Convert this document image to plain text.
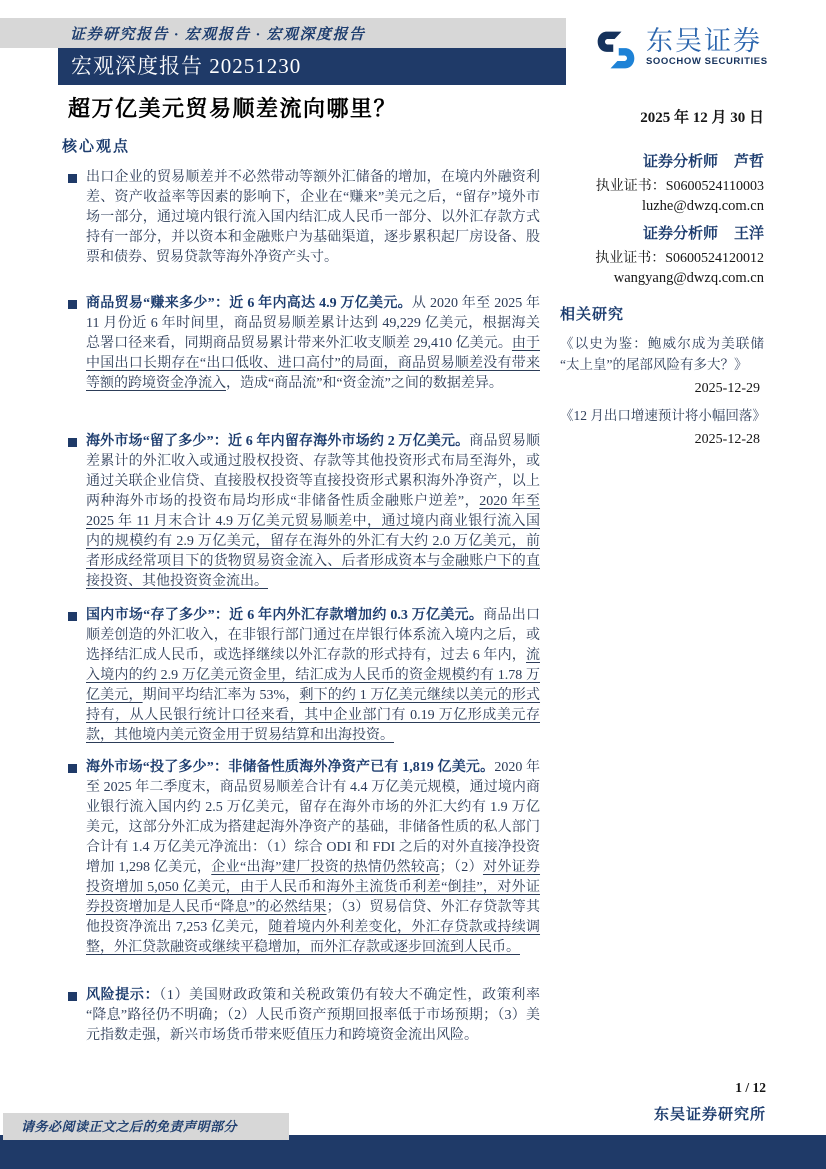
证券研究报告 · 宏观报告 · 宏观深度报告
宏观深度报告 20251230
东吴证券
SOOCHOW SECURITIES
超万亿美元贸易顺差流向哪里？	2025 年 12 月 30 日
核心观点

出口企业的贸易顺差并不必然带动等额外汇储备的增加，在境内外融资利差、资产收益率等因素的影响下，企业在“赚来”美元之后，“留存”境外市场一部分，通过境内银行流入国内结汇成人民币一部分、以外汇存款方式持有一部分，并以资本和金融账户为基础渠道，逐步累积起厂房设备、股票和债券、贸易贷款等海外净资产头寸。

商品贸易“赚来多少”：近 6 年内高达 4.9 万亿美元。从 2020 年至 2025 年 11 月份近 6 年时间里，商品贸易顺差累计达到 49,229 亿美元，根据海关总署口径来看，同期商品贸易累计带来外汇收支顺差 29,410 亿美元。由于中国出口长期存在“出口低收、进口高付”的局面，商品贸易顺差没有带来等额的跨境资金净流入，造成“商品流”和“资金流”之间的数据差异。

海外市场“留了多少”：近 6 年内留存海外市场约 2 万亿美元。商品贸易顺差累计的外汇收入或通过股权投资、存款等其他投资形式布局至海外，或通过关联企业信贷、直接股权投资等直接投资形式累积海外净资产，以上两种海外市场的投资布局均形成“非储备性质金融账户逆差”，2020 年至 2025 年 11 月末合计 4.9 万亿美元贸易顺差中，通过境内商业银行流入国内的规模约有 2.9 万亿美元，留存在海外的外汇有大约 2.0 万亿美元，前者形成经常项目下的货物贸易资金流入、后者形成资本与金融账户下的直接投资、其他投资资金流出。

国内市场“存了多少”：近 6 年内外汇存款增加约 0.3 万亿美元。商品出口顺差创造的外汇收入，在非银行部门通过在岸银行体系流入境内之后，或选择结汇成人民币，或选择继续以外汇存款的形式持有，过去 6 年内，流入境内的约 2.9 万亿美元资金里，结汇成为人民币的资金规模约有 1.78 万亿美元，期间平均结汇率为 53%，剩下的约 1 万亿美元继续以美元的形式持有，从人民银行统计口径来看，其中企业部门有 0.19 万亿形成美元存款，其他境内美元资金用于贸易结算和出海投资。

海外市场“投了多少”：非储备性质海外净资产已有 1,819 亿美元。2020 年至 2025 年二季度末，商品贸易顺差合计有 4.4 万亿美元规模，通过境内商业银行流入国内约 2.5 万亿美元，留存在海外市场的外汇大约有 1.9 万亿美元，这部分外汇成为搭建起海外净资产的基础，非储备性质的私人部门合计有 1.4 万亿美元净流出：（1）综合 ODI 和 FDI 之后的对外直接净投资增加 1,298 亿美元，企业“出海”建厂投资的热情仍然较高；（2）对外证券投资增加 5,050 亿美元，由于人民币和海外主流货币利差“倒挂”，对外证券投资增加是人民币“降息”的必然结果；（3）贸易信贷、外汇存贷款等其他投资净流出 7,253 亿美元，随着境内外利差变化，外汇存贷款或持续调整，外汇贷款融资或继续平稳增加，而外汇存款或逐步回流到人民币。

风险提示：（1）美国财政政策和关税政策仍有较大不确定性，政策利率“降息”路径仍不明确；（2）人民币资产预期回报率低于市场预期；（3）美元指数走强，新兴市场货币带来贬值压力和跨境资金流出风险。

证券分析师 芦哲

执业证书：S0600524110003

luzhe@dwzq.com.cn

证券分析师 王洋

执业证书：S0600524120012

wangyang@dwzq.com.cn

相关研究

《以史为鉴：鲍威尔成为美联储“太上皇”的尾部风险有多大？》

2025-12-29

《12 月出口增速预计将小幅回落》

2025-12-28

1 / 12
东吴证券研究所
请务必阅读正文之后的免责声明部分
